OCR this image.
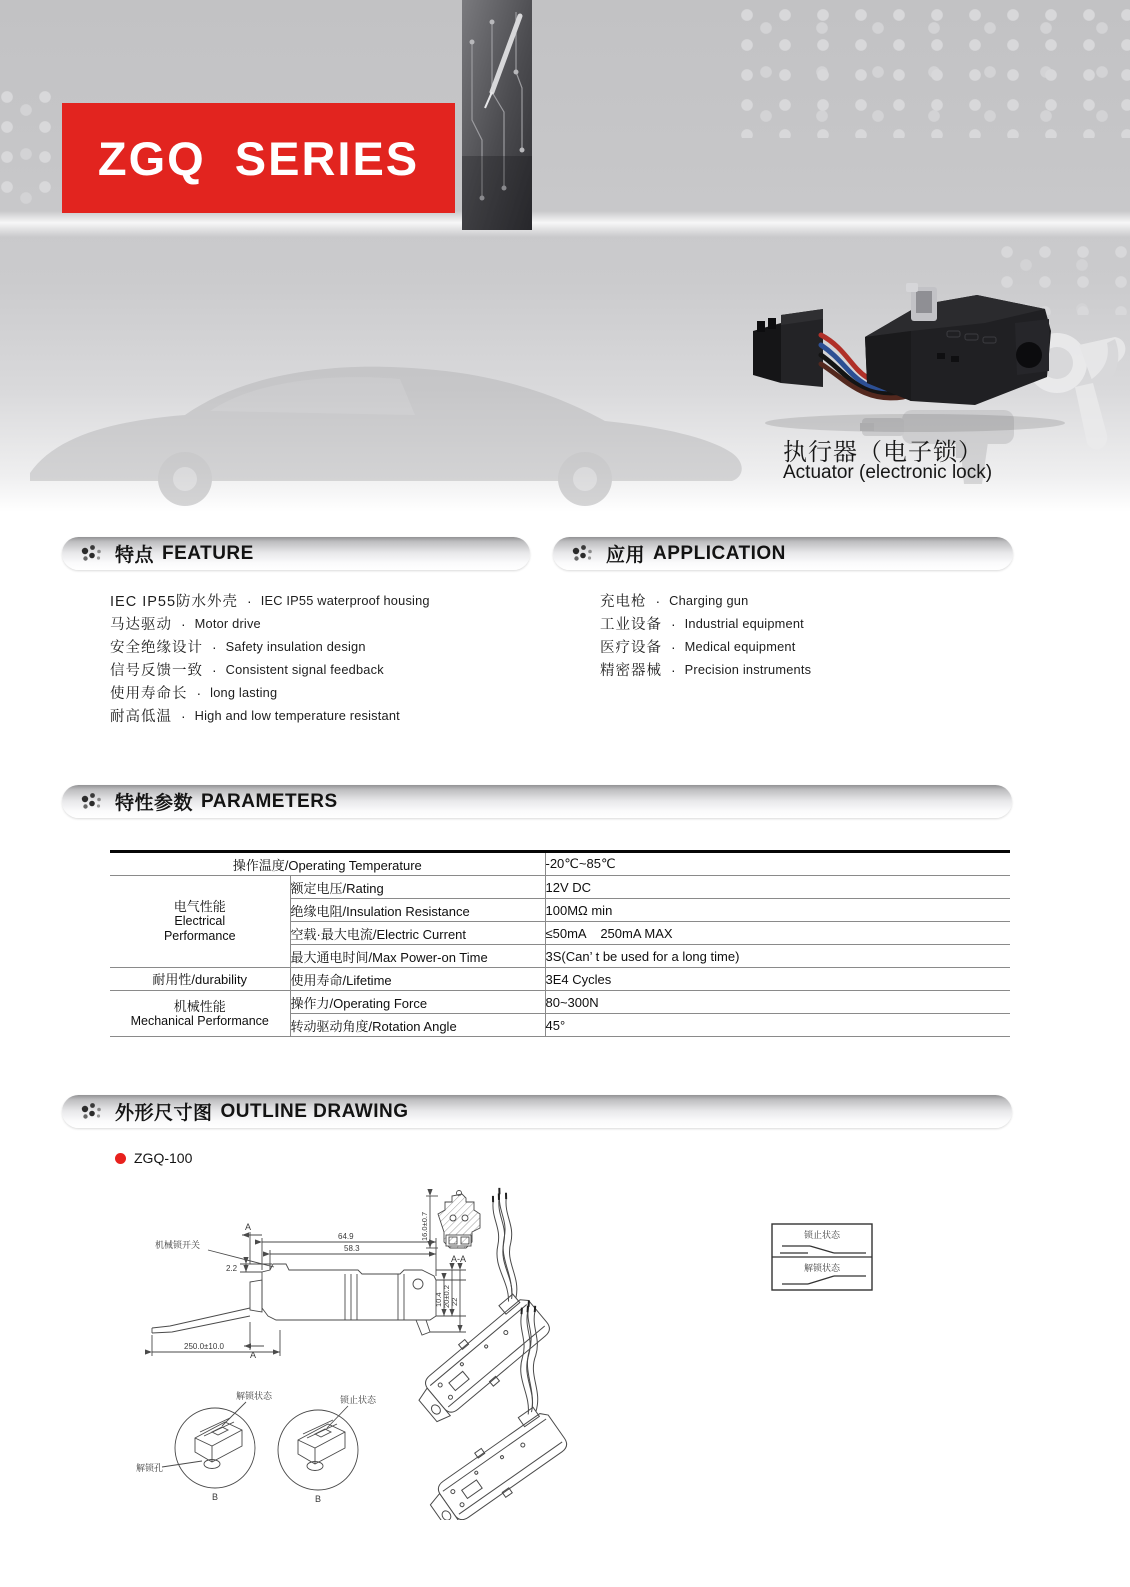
ZGQ SERIES
执行器（电子锁）
Actuator (electronic lock)
特点 FEATURE	应用 APPLICATION
IEC IP55防水外壳 · IEC IP55 waterproof housing
马达驱动 · Motor drive
安全绝缘设计 · Safety insulation design
信号反馈一致 · Consistent signal feedback
使用寿命长 · long lasting
耐高低温 · High and low temperature resistant
充电枪 · Charging gun
工业设备 · Industrial equipment
医疗设备 · Medical equipment
精密器械 · Precision instruments
特性参数 PARAMETERS
操作温度/Operating Temperature		-20℃~85℃

电气性能
Electrical
Performance	额定电压/Rating	12V DC
	绝缘电阻/Insulation Resistance	100MΩ min
	空载·最大电流/Electric Current	≤50mA    250mA MAX
	最大通电时间/Max Power-on Time	3S(Can’ t be used for a long time)
耐用性/durability	使用寿命/Lifetime	3E4 Cycles

机械性能
Mechanical Performance	操作力/Operating Force	80~300N
	转动驱动角度/Rotation Angle	45°
外形尺寸图 OUTLINE DRAWING
ZGQ-100
机械锁开关
64.9
58.3
2.2
A
A
250.0±10.0
10.4 20±0.2 22
16.0±0.7
A-A
锁止状态
解锁状态
解锁状态
解锁孔
B
锁止状态
B
